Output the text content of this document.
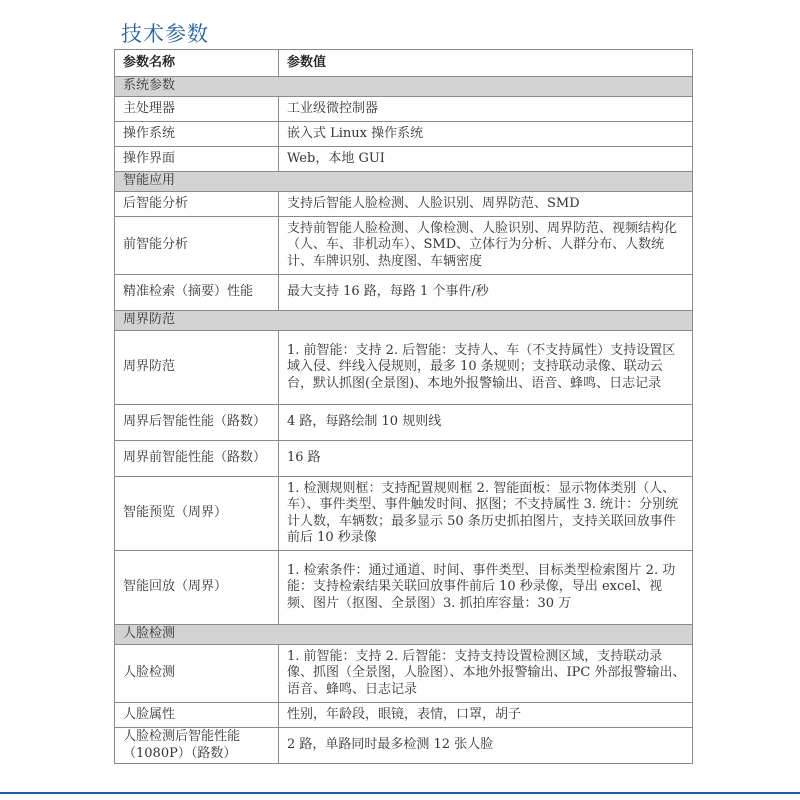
技术参数
参数名称	参数值
系统参数	
主处理器	工业级微控制器
操作系统	嵌入式 Linux 操作系统
操作界面	Web，本地 GUI
智能应用	
后智能分析	支持后智能人脸检测、人脸识别、周界防范、SMD
前智能分析	支持前智能人脸检测、人像检测、人脸识别、周界防范、视频结构化（人、车、非机动车）、SMD、立体行为分析、人群分布、人数统计、车牌识别、热度图、车辆密度
精准检索（摘要）性能	最大支持 16 路，每路 1 个事件/秒
周界防范	
周界防范	1. 前智能：支持 2. 后智能：支持人、车（不支持属性）支持设置区域入侵、绊线入侵规则，最多 10 条规则；支持联动录像、联动云台，默认抓图(全景图)、本地外报警输出、语音、蜂鸣、日志记录
周界后智能性能（路数）	4 路，每路绘制 10 规则线
周界前智能性能（路数）	16 路
智能预览（周界）	1. 检测规则框：支持配置规则框 2. 智能面板：显示物体类别（人、车）、事件类型、事件触发时间、抠图；不支持属性 3. 统计：分别统计人数，车辆数；最多显示 50 条历史抓拍图片，支持关联回放事件前后 10 秒录像
智能回放（周界）	1. 检索条件：通过通道、时间、事件类型、目标类型检索图片 2. 功能：支持检索结果关联回放事件前后 10 秒录像，导出 excel、视频、图片（抠图、全景图）3. 抓拍库容量：30 万
人脸检测	
人脸检测	1. 前智能：支持 2. 后智能：支持支持设置检测区域，支持联动录像、抓图（全景图，人脸图）、本地外报警输出、IPC 外部报警输出、语音、蜂鸣、日志记录
人脸属性	性别，年龄段，眼镜，表情，口罩，胡子
人脸检测后智能性能（1080P）（路数）	2 路，单路同时最多检测 12 张人脸
